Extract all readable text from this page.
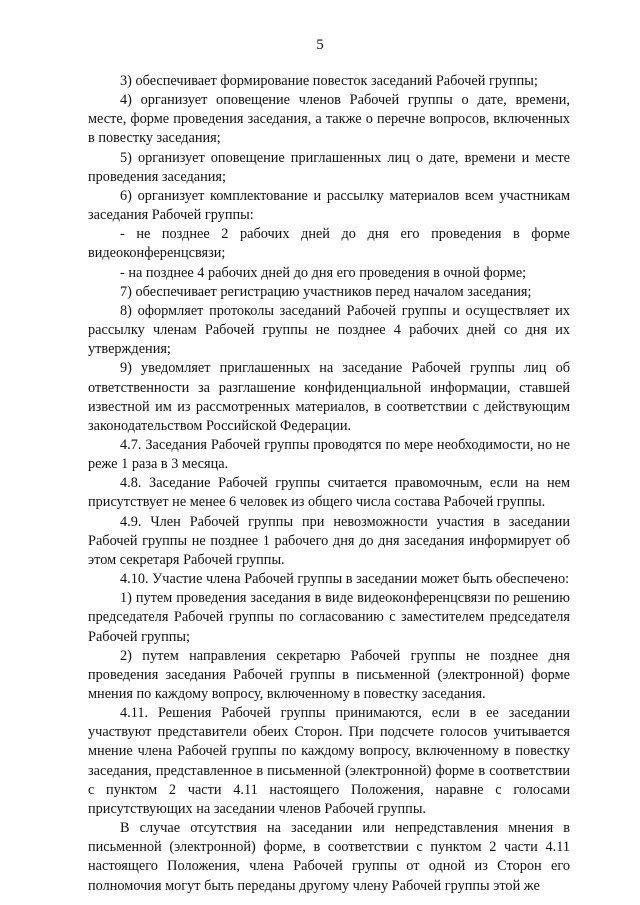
5

3) обеспечивает формирование повесток заседаний Рабочей группы;

4) организует оповещение членов Рабочей группы о дате, времени, месте, форме проведения заседания, а также о перечне вопросов, включенных в повестку заседания;

5) организует оповещение приглашенных лиц о дате, времени и месте проведения заседания;

6) организует комплектование и рассылку материалов всем участникам заседания Рабочей группы:

- не позднее 2 рабочих дней до дня его проведения в форме видеоконференцсвязи;

- на позднее 4 рабочих дней до дня его проведения в очной форме;

7) обеспечивает регистрацию участников перед началом заседания;

8) оформляет протоколы заседаний Рабочей группы и осуществляет их рассылку членам Рабочей группы не позднее 4 рабочих дней со дня их утверждения;

9) уведомляет приглашенных на заседание Рабочей группы лиц об ответственности за разглашение конфиденциальной информации, ставшей известной им из рассмотренных материалов, в соответствии с действующим законодательством Российской Федерации.

4.7. Заседания Рабочей группы проводятся по мере необходимости, но не реже 1 раза в 3 месяца.

4.8. Заседание Рабочей группы считается правомочным, если на нем присутствует не менее 6 человек из общего числа состава Рабочей группы.

4.9. Член Рабочей группы при невозможности участия в заседании Рабочей группы не позднее 1 рабочего дня до дня заседания информирует об этом секретаря Рабочей группы.

4.10. Участие члена Рабочей группы в заседании может быть обеспечено:

1) путем проведения заседания в виде видеоконференцсвязи по решению председателя Рабочей группы по согласованию с заместителем председателя Рабочей группы;

2) путем направления секретарю Рабочей группы не позднее дня проведения заседания Рабочей группы в письменной (электронной) форме мнения по каждому вопросу, включенному в повестку заседания.

4.11. Решения Рабочей группы принимаются, если в ее заседании участвуют представители обеих Сторон. При подсчете голосов учитывается мнение члена Рабочей группы по каждому вопросу, включенному в повестку заседания, представленное в письменной (электронной) форме в соответствии с пунктом 2 части 4.11 настоящего Положения, наравне с голосами присутствующих на заседании членов Рабочей группы.

В случае отсутствия на заседании или непредставления мнения в письменной (электронной) форме, в соответствии с пунктом 2 части 4.11 настоящего Положения, члена Рабочей группы от одной из Сторон его полномочия могут быть переданы другому члену Рабочей группы этой же
